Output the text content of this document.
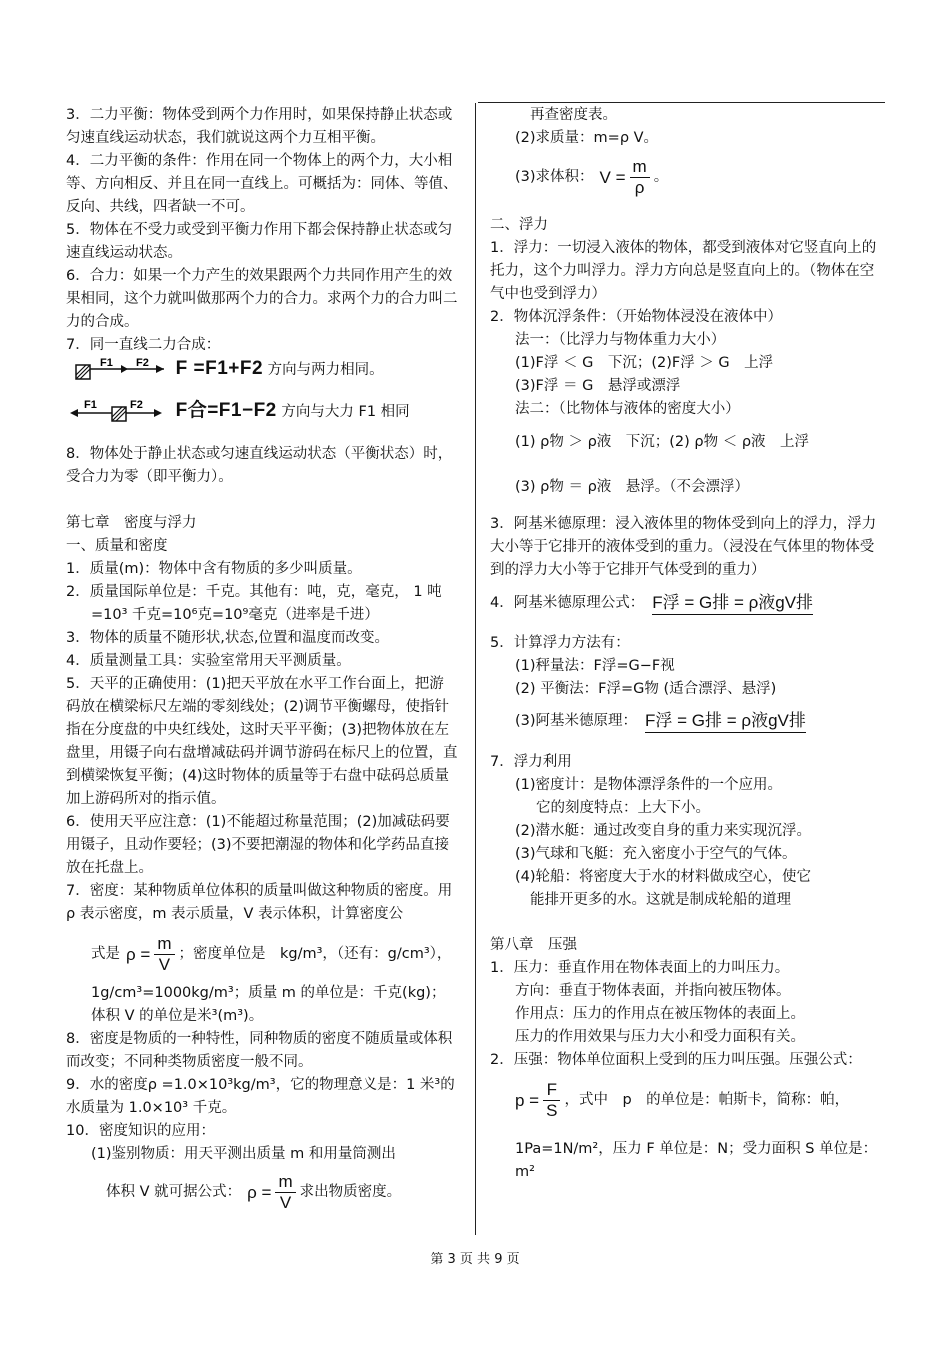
3．二力平衡：物体受到两个力作用时，如果保持静止状态或匀速直线运动状态，我们就说这两个力互相平衡。
4．二力平衡的条件：作用在同一个物体上的两个力，大小相等、方向相反、并且在同一直线上。可概括为：同体、等值、反向、共线，四者缺一不可。
5．物体在不受力或受到平衡力作用下都会保持静止状态或匀速直线运动状态。
6．合力：如果一个力产生的效果跟两个力共同作用产生的效果相同，这个力就叫做那两个力的合力。求两个力的合力叫二力的合成。
7．同一直线二力合成：
F1 F2 F =F1+F2 方向与两力相同。
F1	F2 F合=F1−F2 方向与大力 F1 相同
8．物体处于静止状态或匀速直线运动状态（平衡状态）时，受合力为零（即平衡力）。
第七章　密度与浮力
一、质量和密度
1．质量(m)：物体中含有物质的多少叫质量。
2．质量国际单位是：千克。其他有：吨，克，毫克， 1 吨
=10³ 千克=10⁶克=10⁹毫克（进率是千进）
3．物体的质量不随形状,状态,位置和温度而改变。
4．质量测量工具：实验室常用天平测质量。
5．天平的正确使用：(1)把天平放在水平工作台面上，把游码放在横梁标尺左端的零刻线处；(2)调节平衡螺母，使指针指在分度盘的中央红线处，这时天平平衡；(3)把物体放在左盘里，用镊子向右盘增减砝码并调节游码在标尺上的位置，直到横梁恢复平衡；(4)这时物体的质量等于右盘中砝码总质量加上游码所对的指示值。
6．使用天平应注意：(1)不能超过称量范围；(2)加减砝码要用镊子，且动作要轻；(3)不要把潮湿的物体和化学药品直接放在托盘上。
7．密度：某种物质单位体积的质量叫做这种物质的密度。用 ρ 表示密度，m 表示质量，V 表示体积，计算密度公
式是 $\rho = \frac{m}{V}$ ；密度单位是　kg/m³，（还有：g/cm³），
1g/cm³=1000kg/m³；质量 m 的单位是：千克(kg)；体积 V 的单位是米³(m³)。
8．密度是物质的一种特性，同种物质的密度不随质量或体积而改变；不同种类物质密度一般不同。
9．水的密度ρ =1.0×10³kg/m³，它的物理意义是：1 米³的水质量为 1.0×10³ 千克。
10．密度知识的应用：
(1)鉴别物质：用天平测出质量 m 和用量筒测出
体积 V 就可据公式： $\rho = \frac{m}{V}$ 求出物质密度。
再查密度表。
(2)求质量：m=ρ V。
(3)求体积： $V = \frac{m}{\rho}$ 。
二、浮力
1．浮力：一切浸入液体的物体，都受到液体对它竖直向上的托力，这个力叫浮力。浮力方向总是竖直向上的。（物体在空气中也受到浮力）
2．物体沉浮条件：（开始物体浸没在液体中）
法一：（比浮力与物体重力大小）
(1)F浮 ＜ G　下沉；(2)F浮 ＞ G　上浮
(3)F浮 ＝ G　悬浮或漂浮
法二：（比物体与液体的密度大小）
(1) ρ物 ＞ ρ液　下沉；(2) ρ物 ＜ ρ液　上浮
(3) ρ物 ＝ ρ液　悬浮。（不会漂浮）
3．阿基米德原理：浸入液体里的物体受到向上的浮力，浮力大小等于它排开的液体受到的重力。（浸没在气体里的物体受到的浮力大小等于它排开气体受到的重力）
4．阿基米德原理公式： F浮 = G排 = ρ液gV排
5．计算浮力方法有：
(1)秤量法：F浮=G−F视
(2) 平衡法：F浮=G物 (适合漂浮、悬浮)
(3)阿基米德原理： F浮 = G排 = ρ液gV排
7．浮力利用
(1)密度计：是物体漂浮条件的一个应用。
它的刻度特点：上大下小。
(2)潜水艇：通过改变自身的重力来实现沉浮。
(3)气球和飞艇：充入密度小于空气的气体。
(4)轮船：将密度大于水的材料做成空心，使它
能排开更多的水。这就是制成轮船的道理
第八章　压强
1．压力：垂直作用在物体表面上的力叫压力。
方向：垂直于物体表面，并指向被压物体。
作用点：压力的作用点在被压物体的表面上。
压力的作用效果与压力大小和受力面积有关。
2．压强：物体单位面积上受到的压力叫压强。压强公式：
$p = \frac{F}{S}$ ，式中　p　的单位是：帕斯卡，简称：帕，
1Pa=1N/m²，压力 F 单位是：N；受力面积 S 单位是：
m²
第 3 页 共 9 页
